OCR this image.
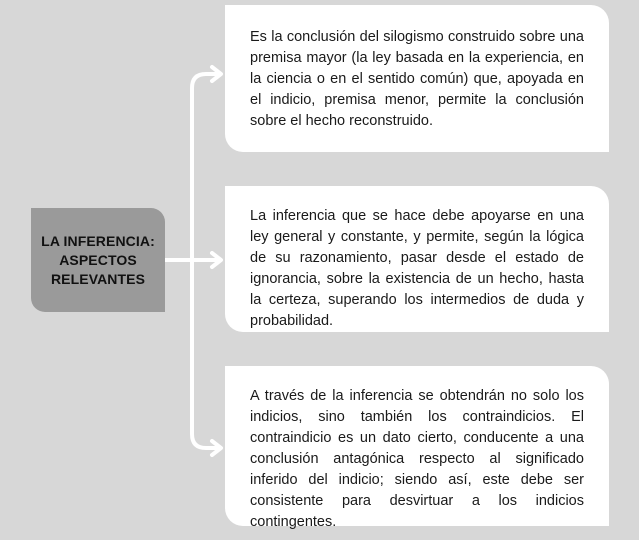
LA INFERENCIA: ASPECTOS RELEVANTES

Es la conclusión del silogismo construido sobre una premisa mayor (la ley basada en la experiencia, en la ciencia o en el sentido común) que, apoyada en el indicio, premisa menor, permite la conclusión sobre el hecho reconstruido.

La inferencia que se hace debe apoyarse en una ley general y constante, y permite, según la lógica de su razonamiento, pasar desde el estado de ignorancia, sobre la existencia de un hecho, hasta la certeza, superando los intermedios de duda y probabilidad.

A través de la inferencia se obtendrán no solo los indicios, sino también los contraindicios. El contraindicio es un dato cierto, conducente a una conclusión antagónica respecto al significado inferido del indicio; siendo así, este debe ser consistente para desvirtuar a los indicios contingentes.
